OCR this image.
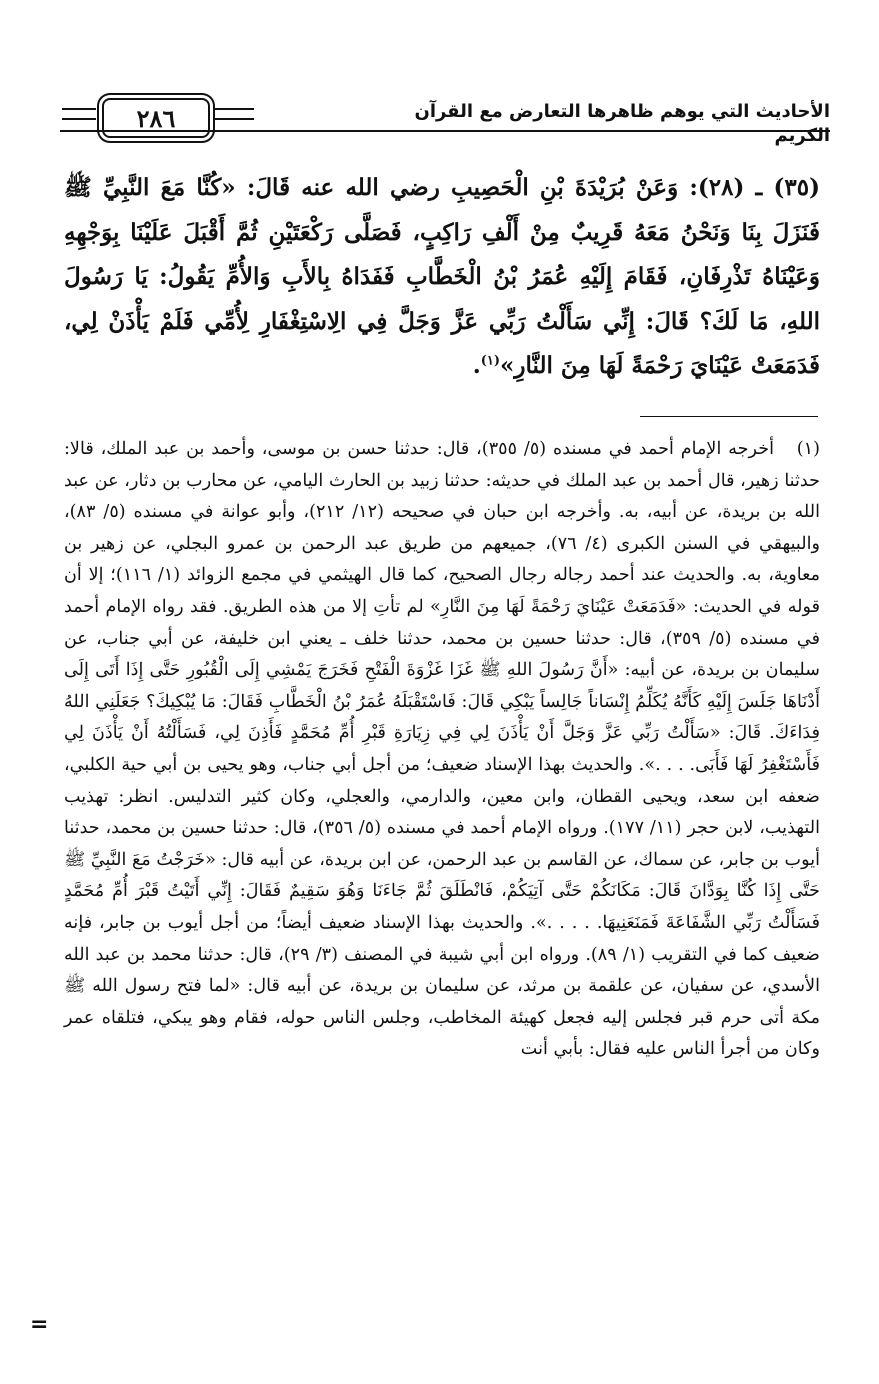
٢٨٦	الأحاديث التي يوهم ظاهرها التعارض مع القرآن الكريم
(٣٥) ـ (٢٨): وَعَنْ بُرَيْدَةَ بْنِ الْحَصِيبِ رضي الله عنه قَالَ: «كُنَّا مَعَ النَّبِيِّ ﷺ فَنَزَلَ بِنَا وَنَحْنُ مَعَهُ قَرِيبٌ مِنْ أَلْفِ رَاكِبٍ، فَصَلَّى رَكْعَتَيْنِ ثُمَّ أَقْبَلَ عَلَيْنَا بِوَجْهِهِ وَعَيْنَاهُ تَذْرِفَانِ، فَقَامَ إِلَيْهِ عُمَرُ بْنُ الْخَطَّابِ فَفَدَاهُ بِالأَبِ وَالأُمِّ يَقُولُ: يَا رَسُولَ اللهِ، مَا لَكَ؟ قَالَ: إِنِّي سَأَلْتُ رَبِّي عَزَّ وَجَلَّ فِي الِاسْتِغْفَارِ لِأُمِّي فَلَمْ يَأْذَنْ لِي، فَدَمَعَتْ عَيْنَايَ رَحْمَةً لَهَا مِنَ النَّارِ»$^{(١)}$.
(١)
أخرجه الإمام أحمد في مسنده (٥/ ٣٥٥)، قال: حدثنا حسن بن موسى، وأحمد بن عبد الملك، قالا: حدثنا زهير، قال أحمد بن عبد الملك في حديثه: حدثنا زبيد بن الحارث اليامي، عن محارب بن دثار، عن عبد الله بن بريدة، عن أبيه، به. وأخرجه ابن حبان في صحيحه (١٢/ ٢١٢)، وأبو عوانة في مسنده (٥/ ٨٣)، والبيهقي في السنن الكبرى (٤/ ٧٦)، جميعهم من طريق عبد الرحمن بن عمرو البجلي، عن زهير بن معاوية، به. والحديث عند أحمد رجاله رجال الصحيح، كما قال الهيثمي في مجمع الزوائد (١/ ١١٦)؛ إلا أن قوله في الحديث: «فَدَمَعَتْ عَيْنَايَ رَحْمَةً لَهَا مِنَ النَّارِ» لم تأتِ إلا من هذه الطريق. فقد رواه الإمام أحمد في مسنده (٥/ ٣٥٩)، قال: حدثنا حسين بن محمد، حدثنا خلف ـ يعني ابن خليفة، عن أبي جناب، عن سليمان بن بريدة، عن أبيه: «أَنَّ رَسُولَ اللهِ ﷺ غَزَا غَزْوَةَ الْفَتْحِ فَخَرَجَ يَمْشِي إِلَى الْقُبُورِ حَتَّى إِذَا أَتَى إِلَى أَدْنَاهَا جَلَسَ إِلَيْهِ كَأَنَّهُ يُكَلِّمُ إِنْسَاناً جَالِساً يَبْكِي قَالَ: فَاسْتَقْبَلَهُ عُمَرُ بْنُ الْخَطَّابِ فَقَالَ: مَا يُبْكِيكَ؟ جَعَلَنِي اللهُ فِدَاءَكَ. قَالَ: «سَأَلْتُ رَبِّي عَزَّ وَجَلَّ أَنْ يَأْذَنَ لِي فِي زِيَارَةِ قَبْرِ أُمِّ مُحَمَّدٍ فَأَذِنَ لِي، فَسَأَلْتُهُ أَنْ يَأْذَنَ لِي فَأَسْتَغْفِرُ لَهَا فَأَبَى. . . .». والحديث بهذا الإسناد ضعيف؛ من أجل أبي جناب، وهو يحيى بن أبي حية الكلبي، ضعفه ابن سعد، ويحيى القطان، وابن معين، والدارمي، والعجلي، وكان كثير التدليس. انظر: تهذيب التهذيب، لابن حجر (١١/ ١٧٧). ورواه الإمام أحمد في مسنده (٥/ ٣٥٦)، قال: حدثنا حسين بن محمد، حدثنا أيوب بن جابر، عن سماك، عن القاسم بن عبد الرحمن، عن ابن بريدة، عن أبيه قال: «خَرَجْتُ مَعَ النَّبِيِّ ﷺ حَتَّى إِذَا كُنَّا بِوَدَّانَ قَالَ: مَكَانَكُمْ حَتَّى آتِيَكُمْ، فَانْطَلَقَ ثُمَّ جَاءَنَا وَهُوَ سَقِيمٌ فَقَالَ: إِنِّي أَتَيْتُ قَبْرَ أُمِّ مُحَمَّدٍ فَسَأَلْتُ رَبِّي الشَّفَاعَةَ فَمَنَعَنِيهَا. . . . .». والحديث بهذا الإسناد ضعيف أيضاً؛ من أجل أيوب بن جابر، فإنه ضعيف كما في التقريب (١/ ٨٩). ورواه ابن أبي شيبة في المصنف (٣/ ٢٩)، قال: حدثنا محمد بن عبد الله الأسدي، عن سفيان، عن علقمة بن مرثد، عن سليمان بن بريدة، عن أبيه قال: «لما فتح رسول الله ﷺ مكة أتى حرم قبر فجلس إليه فجعل كهيئة المخاطب، وجلس الناس حوله، فقام وهو يبكي، فتلقاه عمر وكان من أجرأ الناس عليه فقال: بأبي أنت
=
